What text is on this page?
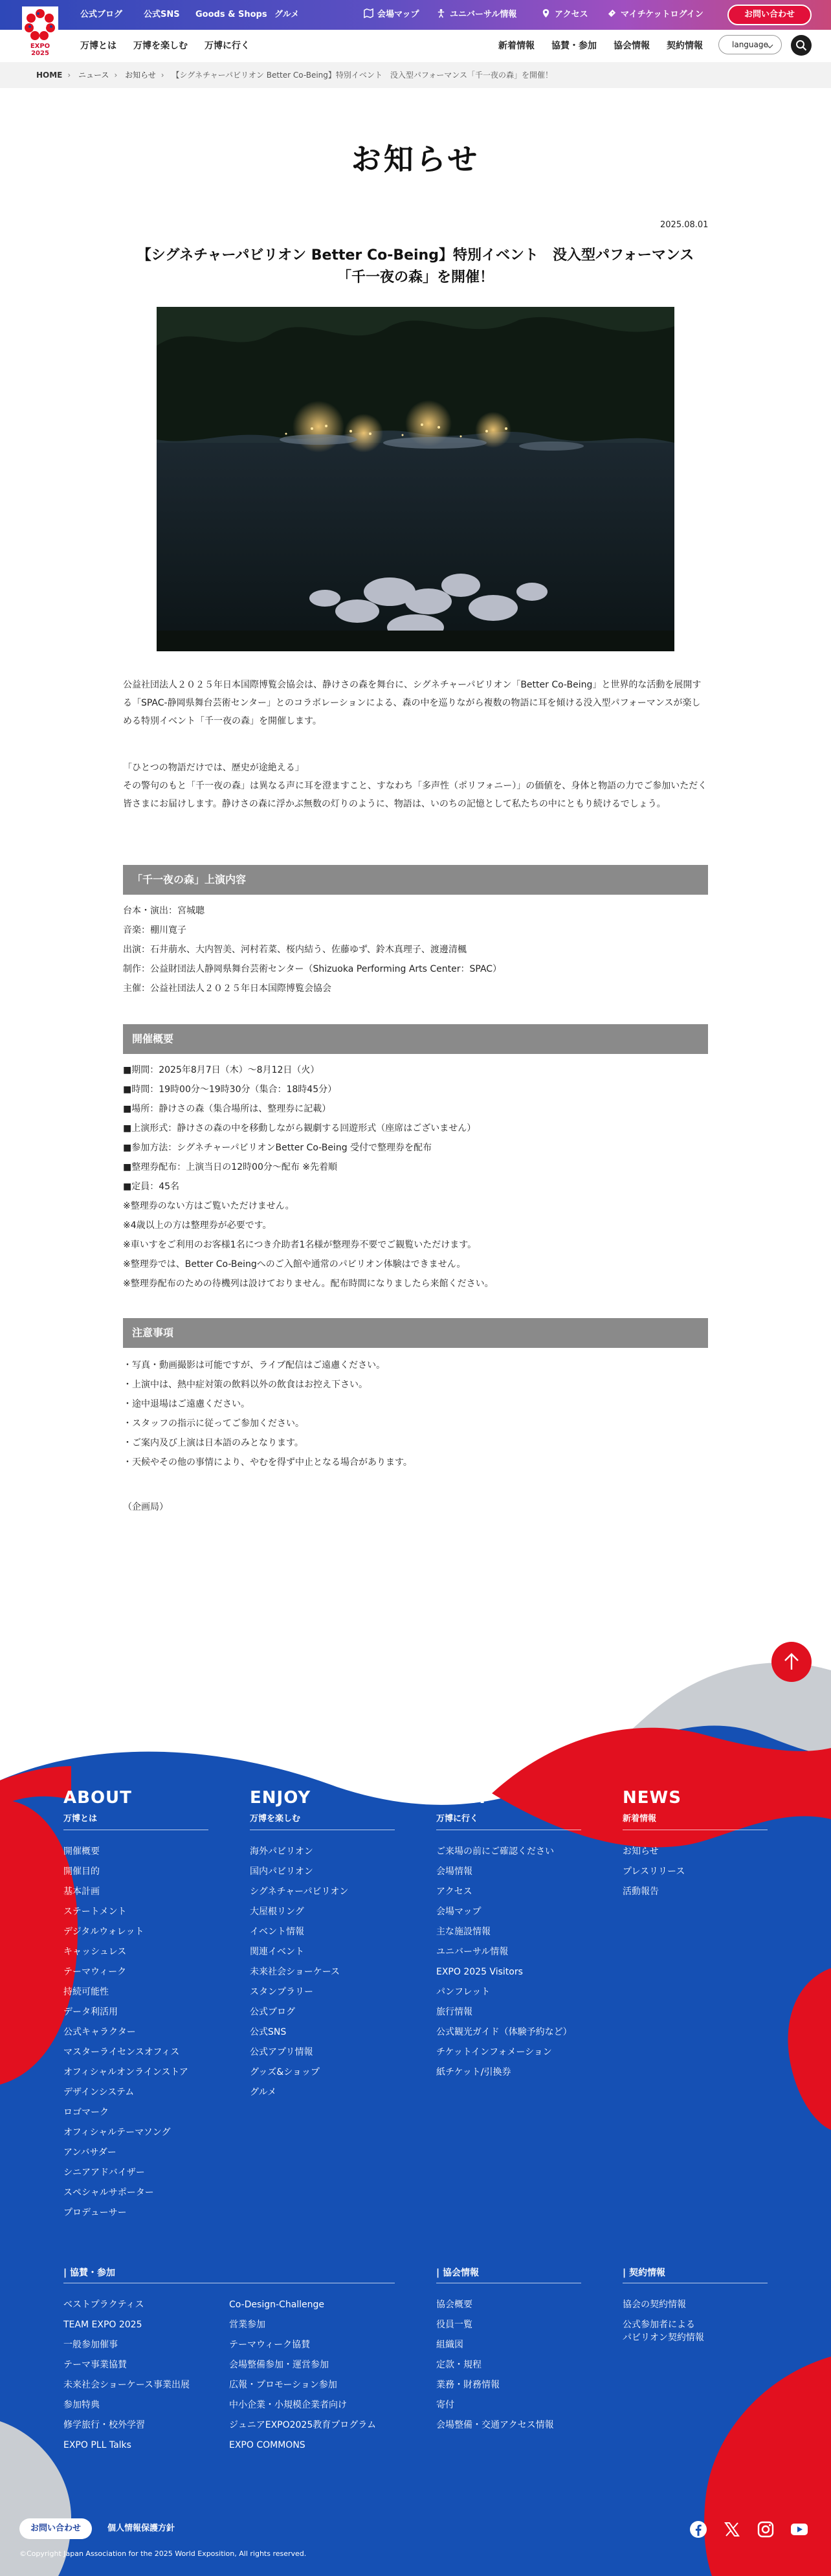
EXPO
2025
公式ブログ	公式SNS Goods & Shops グルメ	会場マップ	ユニバーサル情報	アクセス	マイチケットログイン	お問い合わせ
万博とは 万博を楽しむ 万博に行く	新着情報 協賛・参加 協会情報 契約情報	language
HOME › ニュース › お知らせ › 【シグネチャーパビリオン Better Co-Being】特別イベント　没入型パフォーマンス「千一夜の森」を開催！
お知らせ
2025.08.01
【シグネチャーパビリオン Better Co-Being】特別イベント　没入型パフォーマンス「千一夜の森」を開催！
公益社団法人２０２５年日本国際博覧会協会は、静けさの森を舞台に、シグネチャーパビリオン「Better Co-Being」と世界的な活動を展開する「SPAC-静岡県舞台芸術センター」とのコラボレーションによる、森の中を巡りながら複数の物語に耳を傾ける没入型パフォーマンスが楽しめる特別イベント「千一夜の森」を開催します。
「ひとつの物語だけでは、歴史が途絶える」
その警句のもと「千一夜の森」は異なる声に耳を澄ますこと、すなわち「多声性（ポリフォニー）」の価値を、身体と物語の力でご参加いただく皆さまにお届けします。静けさの森に浮かぶ無数の灯りのように、物語は、いのちの記憶として私たちの中にともり続けるでしょう。
「千一夜の森」上演内容
台本・演出：宮城聰
音楽：棚川寛子
出演：石井萠水、大内智美、河村若菜、桜内結う、佐藤ゆず、鈴木真理子、渡邊清楓
制作：公益財団法人静岡県舞台芸術センター（Shizuoka Performing Arts Center：SPAC）
主催：公益社団法人２０２５年日本国際博覧会協会
開催概要
■期間：2025年8月7日（木）～8月12日（火）
■時間：19時00分～19時30分（集合：18時45分）
■場所：静けさの森（集合場所は、整理券に記載）
■上演形式：静けさの森の中を移動しながら観劇する回遊形式（座席はございません）
■参加方法：シグネチャーパビリオンBetter Co-Being 受付で整理券を配布
■整理券配布：上演当日の12時00分～配布 ※先着順
■定員：45名
※整理券のない方はご覧いただけません。
※4歳以上の方は整理券が必要です。
※車いすをご利用のお客様1名につき介助者1名様が整理券不要でご観覧いただけます。
※整理券では、Better Co-Beingへのご入館や通常のパビリオン体験はできません。
※整理券配布のための待機列は設けておりません。配布時間になりましたら来館ください。
注意事項
・写真・動画撮影は可能ですが、ライブ配信はご遠慮ください。
・上演中は、熱中症対策の飲料以外の飲食はお控え下さい。
・途中退場はご遠慮ください。
・スタッフの指示に従ってご参加ください。
・ご案内及び上演は日本語のみとなります。
・天候やその他の事情により、やむを得ず中止となる場合があります。
（企画局）
ABOUT
万博とは
ENJOY
万博を楽しむ
VISIT
万博に行く
NEWS
新着情報
開催概要
開催目的
基本計画
ステートメント
デジタルウォレット
キャッシュレス
テーマウィーク
持続可能性
データ利活用
公式キャラクター
マスターライセンスオフィス
オフィシャルオンラインストア
デザインシステム
ロゴマーク
オフィシャルテーマソング
アンバサダー
シニアアドバイザー
スペシャルサポーター
プロデューサー
海外パビリオン
国内パビリオン
シグネチャーパビリオン
大屋根リング
イベント情報
関連イベント
未来社会ショーケース
スタンプラリー
公式ブログ
公式SNS
公式アプリ情報
グッズ&ショップ
グルメ
ご来場の前にご確認ください
会場情報
アクセス
会場マップ
主な施設情報
ユニバーサル情報
EXPO 2025 Visitors
パンフレット
旅行情報
公式観光ガイド（体験予約など）
チケットインフォメーション
紙チケット/引換券
お知らせ
プレスリリース
活動報告
ベストプラクティス
TEAM EXPO 2025
一般参加催事
テーマ事業協賛
未来社会ショーケース事業出展
参加特典
修学旅行・校外学習
EXPO PLL Talks
Co-Design-Challenge
営業参加
テーマウィーク協賛
会場整備参加・運営参加
広報・プロモーション参加
中小企業・小規模企業者向け
ジュニアEXPO2025教育プログラム
EXPO COMMONS
協会概要
役員一覧
組織図
定款・規程
業務・財務情報
寄付
会場整備・交通アクセス情報
協会の契約情報
公式参加者による
パビリオン契約情報
| 協賛・参加	| 協会情報	| 契約情報
お問い合わせ	個人情報保護方針
©Copyright Japan Association for the 2025 World Exposition, All rights reserved.
